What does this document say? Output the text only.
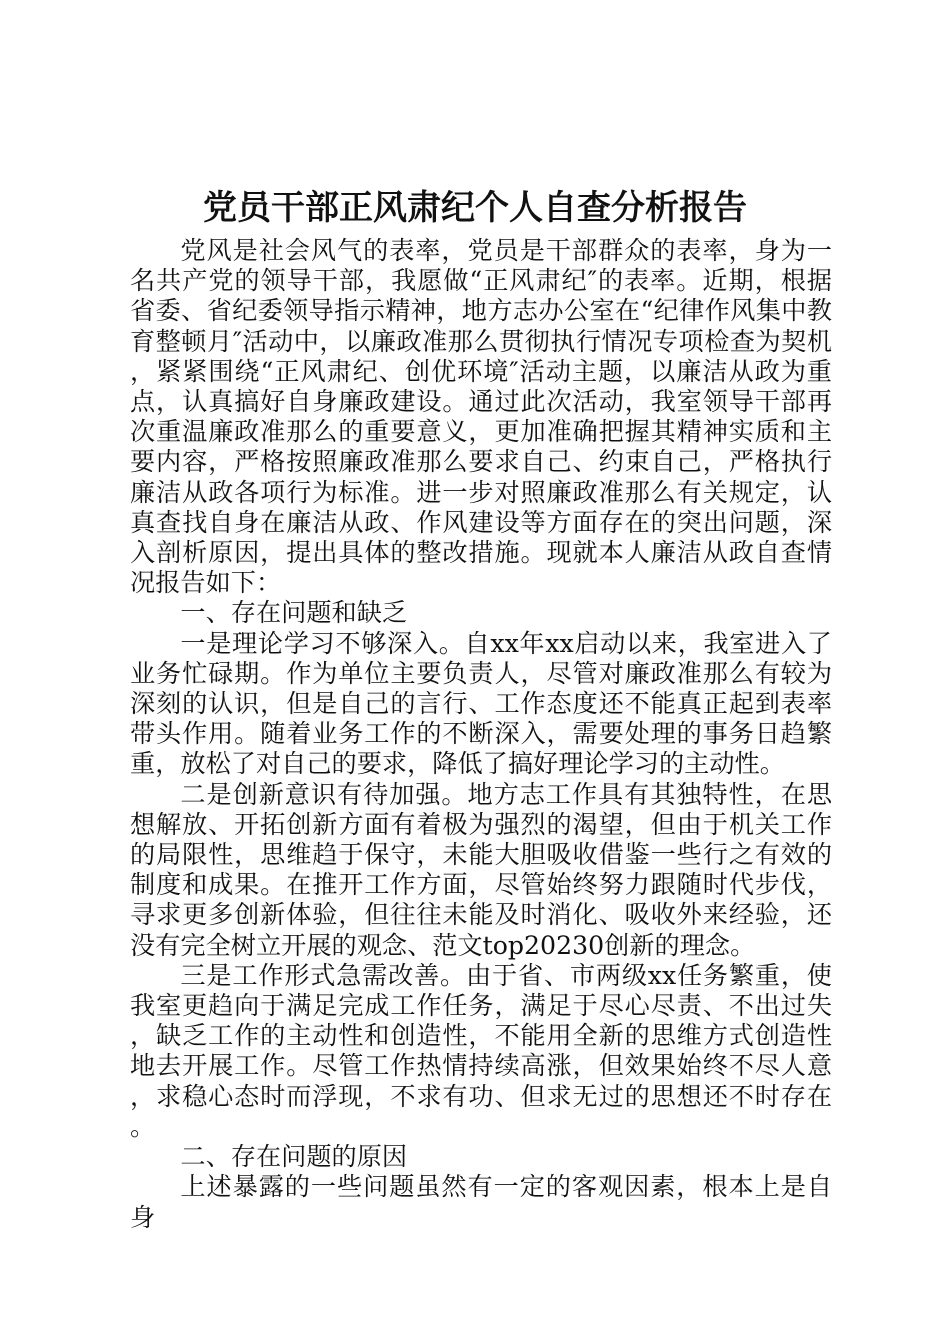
党员干部正风肃纪个人自查分析报告

党风是社会风气的表率，党员是干部群众的表率，身为一名共产党的领导干部，我愿做“正风肃纪″的表率。近期，根据省委、省纪委领导指示精神，地方志办公室在“纪律作风集中教育整顿月″活动中，以廉政准那么贯彻执行情况专项检查为契机，紧紧围绕“正风肃纪、创优环境″活动主题，以廉洁从政为重点，认真搞好自身廉政建设。通过此次活动，我室领导干部再次重温廉政准那么的重要意义，更加准确把握其精神实质和主要内容，严格按照廉政准那么要求自己、约束自己，严格执行廉洁从政各项行为标准。进一步对照廉政准那么有关规定，认真查找自身在廉洁从政、作风建设等方面存在的突出问题，深入剖析原因，提出具体的整改措施。现就本人廉洁从政自查情况报告如下：

一、存在问题和缺乏

一是理论学习不够深入。自xx年xx启动以来，我室进入了业务忙碌期。作为单位主要负责人，尽管对廉政准那么有较为深刻的认识，但是自己的言行、工作态度还不能真正起到表率带头作用。随着业务工作的不断深入，需要处理的事务日趋繁重，放松了对自己的要求，降低了搞好理论学习的主动性。

二是创新意识有待加强。地方志工作具有其独特性，在思想解放、开拓创新方面有着极为强烈的渴望，但由于机关工作的局限性，思维趋于保守，未能大胆吸收借鉴一些行之有效的制度和成果。在推开工作方面，尽管始终努力跟随时代步伐，寻求更多创新体验，但往往未能及时消化、吸收外来经验，还没有完全树立开展的观念、范文top20230创新的理念。

三是工作形式急需改善。由于省、市两级xx任务繁重，使我室更趋向于满足完成工作任务，满足于尽心尽责、不出过失，缺乏工作的主动性和创造性，不能用全新的思维方式创造性地去开展工作。尽管工作热情持续高涨，但效果始终不尽人意，求稳心态时而浮现，不求有功、但求无过的思想还不时存在。

二、存在问题的原因

上述暴露的一些问题虽然有一定的客观因素，根本上是自身
